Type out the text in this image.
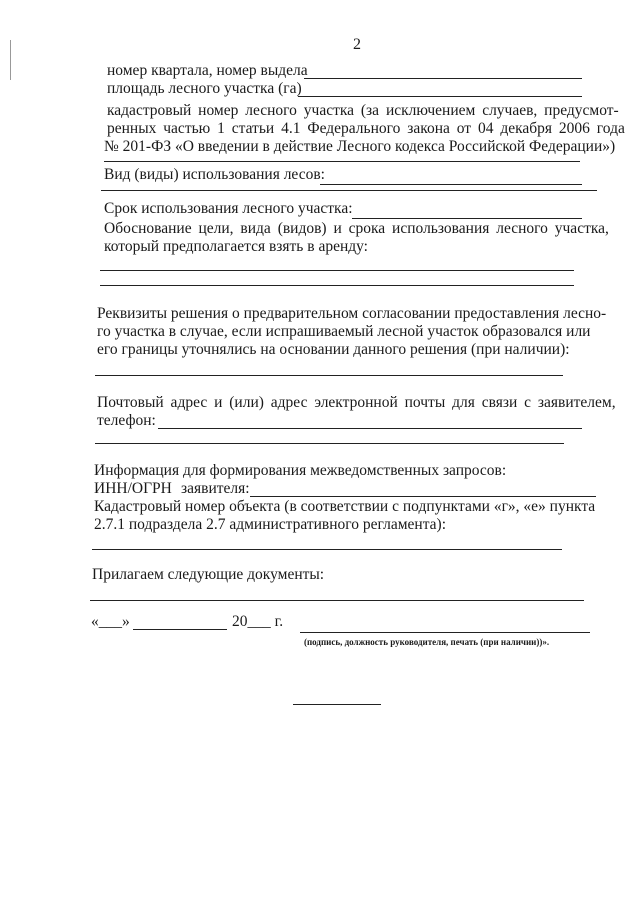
2
номер квартала, номер выдела
площадь лесного участка (га)
кадастровый номер лесного участка (за исключением случаев, предусмот-
ренных частью 1 статьи 4.1 Федерального закона от 04 декабря 2006 года
№ 201-ФЗ «О введении в действие Лесного кодекса Российской Федерации»)
Вид (виды) использования лесов:
Срок использования лесного участка:
Обоснование цели, вида (видов) и срока использования лесного участка,
который предполагается взять в аренду:
Реквизиты решения о предварительном согласовании предоставления лесно-
го участка в случае, если испрашиваемый лесной участок образовался или
его границы уточнялись на основании данного решения (при наличии):
Почтовый адрес и (или) адрес электронной почты для связи с заявителем,
телефон:
Информация для формирования межведомственных запросов:
ИНН/ОГРН заявителя:
Кадастровый номер объекта (в соответствии с подпунктами «г», «е» пункта
2.7.1 подраздела 2.7 административного регламента):
Прилагаем следующие документы:
«___»	20___ г.
(подпись, должность руководителя, печать (при наличии))».
